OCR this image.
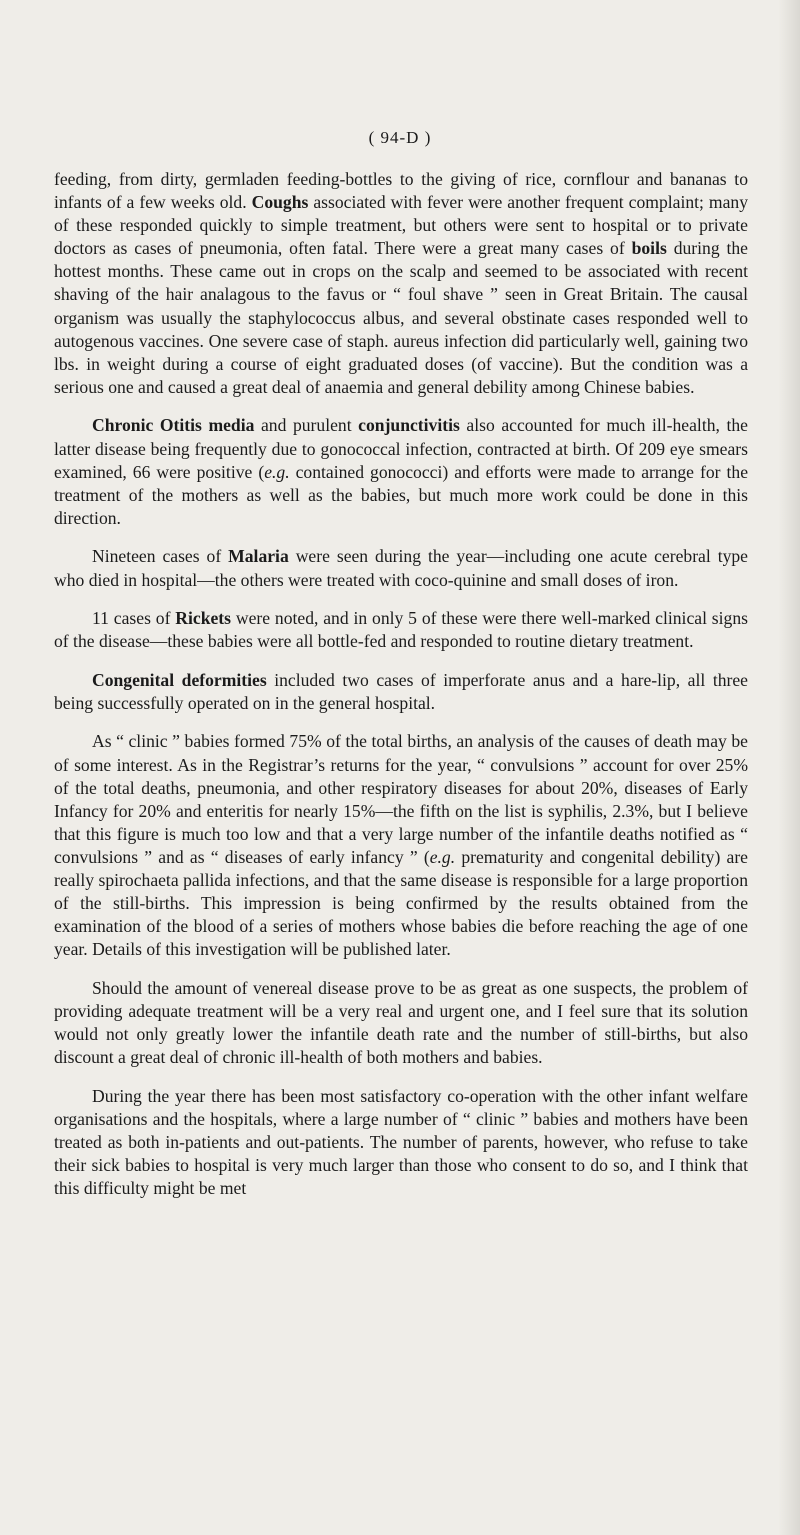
( 94-D )

feeding, from dirty, germladen feeding-bottles to the giving of rice, cornflour and bananas to infants of a few weeks old. Coughs associated with fever were another frequent complaint; many of these responded quickly to simple treatment, but others were sent to hospital or to private doctors as cases of pneumonia, often fatal. There were a great many cases of boils during the hottest months. These came out in crops on the scalp and seemed to be associated with recent shaving of the hair analagous to the favus or “ foul shave ” seen in Great Britain. The causal organism was usually the staphylococcus albus, and several obstinate cases responded well to autogenous vaccines. One severe case of staph. aureus infection did particularly well, gaining two lbs. in weight during a course of eight graduated doses (of vaccine). But the condition was a serious one and caused a great deal of anaemia and general debility among Chinese babies.

Chronic Otitis media and purulent conjunctivitis also accounted for much ill-health, the latter disease being frequently due to gonococcal infection, contracted at birth. Of 209 eye smears examined, 66 were positive (e.g. contained gonococci) and efforts were made to arrange for the treatment of the mothers as well as the babies, but much more work could be done in this direction.

Nineteen cases of Malaria were seen during the year—including one acute cerebral type who died in hospital—the others were treated with coco-quinine and small doses of iron.

11 cases of Rickets were noted, and in only 5 of these were there well-marked clinical signs of the disease—these babies were all bottle-fed and responded to routine dietary treatment.

Congenital deformities included two cases of imperforate anus and a hare-lip, all three being successfully operated on in the general hospital.

As “ clinic ” babies formed 75% of the total births, an analysis of the causes of death may be of some interest. As in the Registrar’s returns for the year, “ convulsions ” account for over 25% of the total deaths, pneumonia, and other respiratory diseases for about 20%, diseases of Early Infancy for 20% and enteritis for nearly 15%—the fifth on the list is syphilis, 2.3%, but I believe that this figure is much too low and that a very large number of the infantile deaths notified as “ convulsions ” and as “ diseases of early infancy ” (e.g. prematurity and congenital debility) are really spirochaeta pallida infections, and that the same disease is responsible for a large proportion of the still-births. This impression is being confirmed by the results obtained from the examination of the blood of a series of mothers whose babies die before reaching the age of one year. Details of this investigation will be published later.

Should the amount of venereal disease prove to be as great as one suspects, the problem of providing adequate treatment will be a very real and urgent one, and I feel sure that its solution would not only greatly lower the infantile death rate and the number of still-births, but also discount a great deal of chronic ill-health of both mothers and babies.

During the year there has been most satisfactory co-operation with the other infant welfare organisations and the hospitals, where a large number of “ clinic ” babies and mothers have been treated as both in-patients and out-patients. The number of parents, however, who refuse to take their sick babies to hospital is very much larger than those who consent to do so, and I think that this difficulty might be met
